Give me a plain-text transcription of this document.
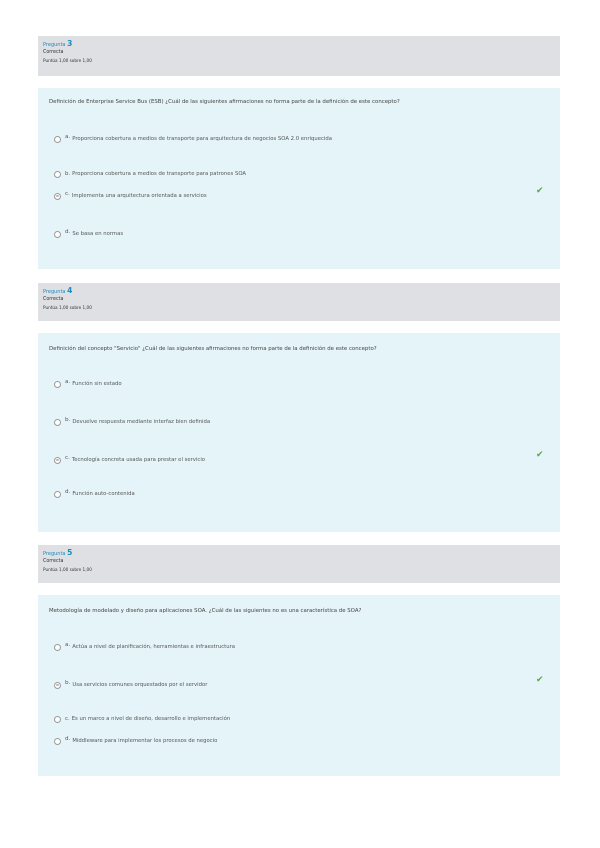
Pregunta 3
Correcta
Puntúa 1,00 sobre 1,00
Definición de Enterprise Service Bus (ESB) ¿Cuál de las siguientes afirmaciones no forma parte de la definición de este concepto?
a. Proporciona cobertura a medios de transporte para arquitectura de negocios SOA 2.0 enriquecida
b. Proporciona cobertura a medios de transporte para patrones SOA
c. Implementa una arquitectura orientada a servicios	✔
d. Se basa en normas
Pregunta 4
Correcta
Puntúa 1,00 sobre 1,00
Definición del concepto "Servicio" ¿Cuál de las siguientes afirmaciones no forma parte de la definición de este concepto?
a. Función sin estado
b. Devuelve respuesta mediante interfaz bien definida
c. Tecnología concreta usada para prestar el servicio	✔
d. Función auto-contenida
Pregunta 5
Correcta
Puntúa 1,00 sobre 1,00
Metodología de modelado y diseño para aplicaciones SOA. ¿Cuál de las siguientes no es una característica de SOA?
a. Actúa a nivel de planificación, herramientas e infraestructura
b. Usa servicios comunes orquestados por el servidor	✔
c. Es un marco a nivel de diseño, desarrollo e implementación
d. Middleware para implementar los procesos de negocio
